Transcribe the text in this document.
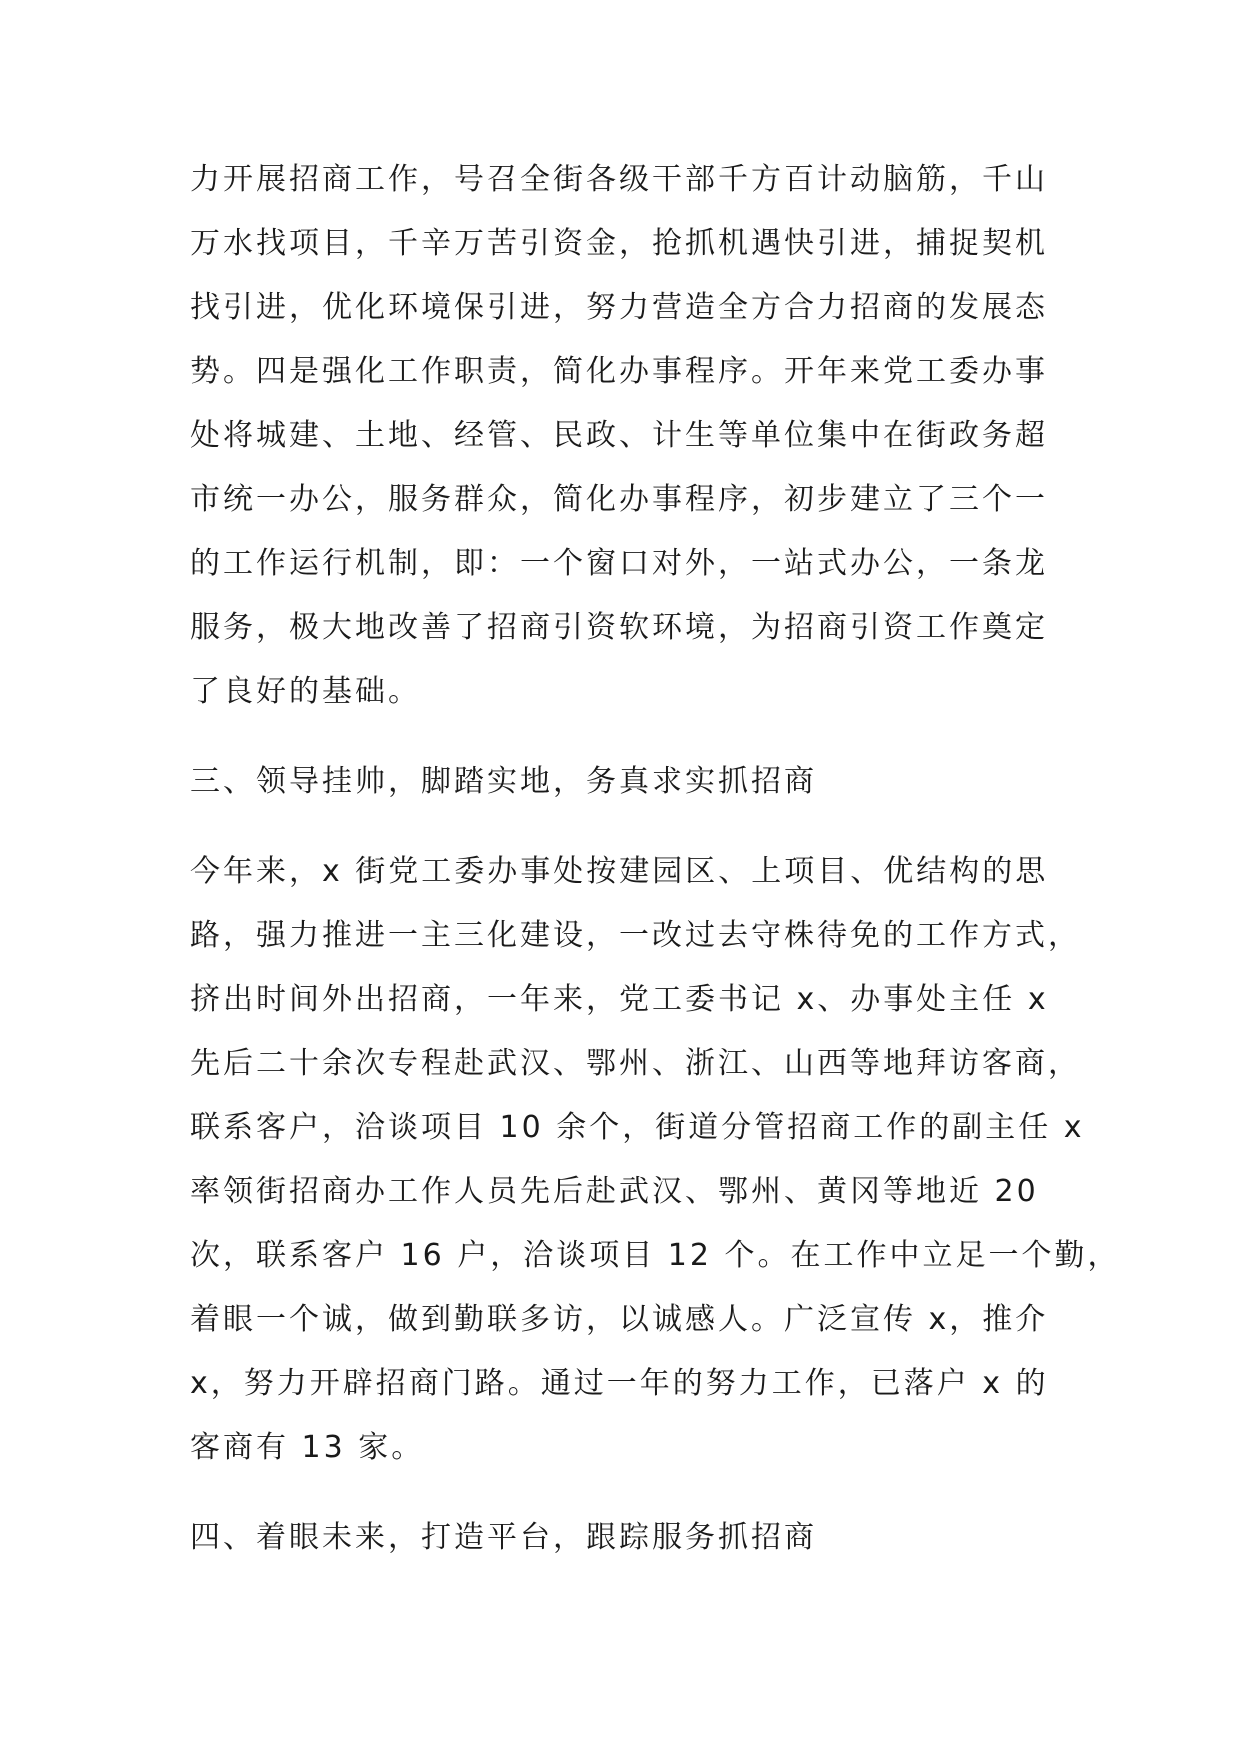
力开展招商工作，号召全街各级干部千方百计动脑筋，千山

万水找项目，千辛万苦引资金，抢抓机遇快引进，捕捉契机

找引进，优化环境保引进，努力营造全方合力招商的发展态

势。四是强化工作职责，简化办事程序。开年来党工委办事

处将城建、土地、经管、民政、计生等单位集中在街政务超

市统一办公，服务群众，简化办事程序，初步建立了三个一

的工作运行机制，即：一个窗口对外，一站式办公，一条龙

服务，极大地改善了招商引资软环境，为招商引资工作奠定

了良好的基础。

三、领导挂帅，脚踏实地，务真求实抓招商

今年来，x 街党工委办事处按建园区、上项目、优结构的思

路，强力推进一主三化建设，一改过去守株待免的工作方式，

挤出时间外出招商，一年来，党工委书记 x、办事处主任 x

先后二十余次专程赴武汉、鄂州、浙江、山西等地拜访客商，

联系客户，洽谈项目 10 余个，街道分管招商工作的副主任 x

率领街招商办工作人员先后赴武汉、鄂州、黄冈等地近 20

次，联系客户 16 户，洽谈项目 12 个。在工作中立足一个勤，

着眼一个诚，做到勤联多访，以诚感人。广泛宣传 x，推介

x，努力开辟招商门路。通过一年的努力工作，已落户 x 的

客商有 13 家。

四、着眼未来，打造平台，跟踪服务抓招商
